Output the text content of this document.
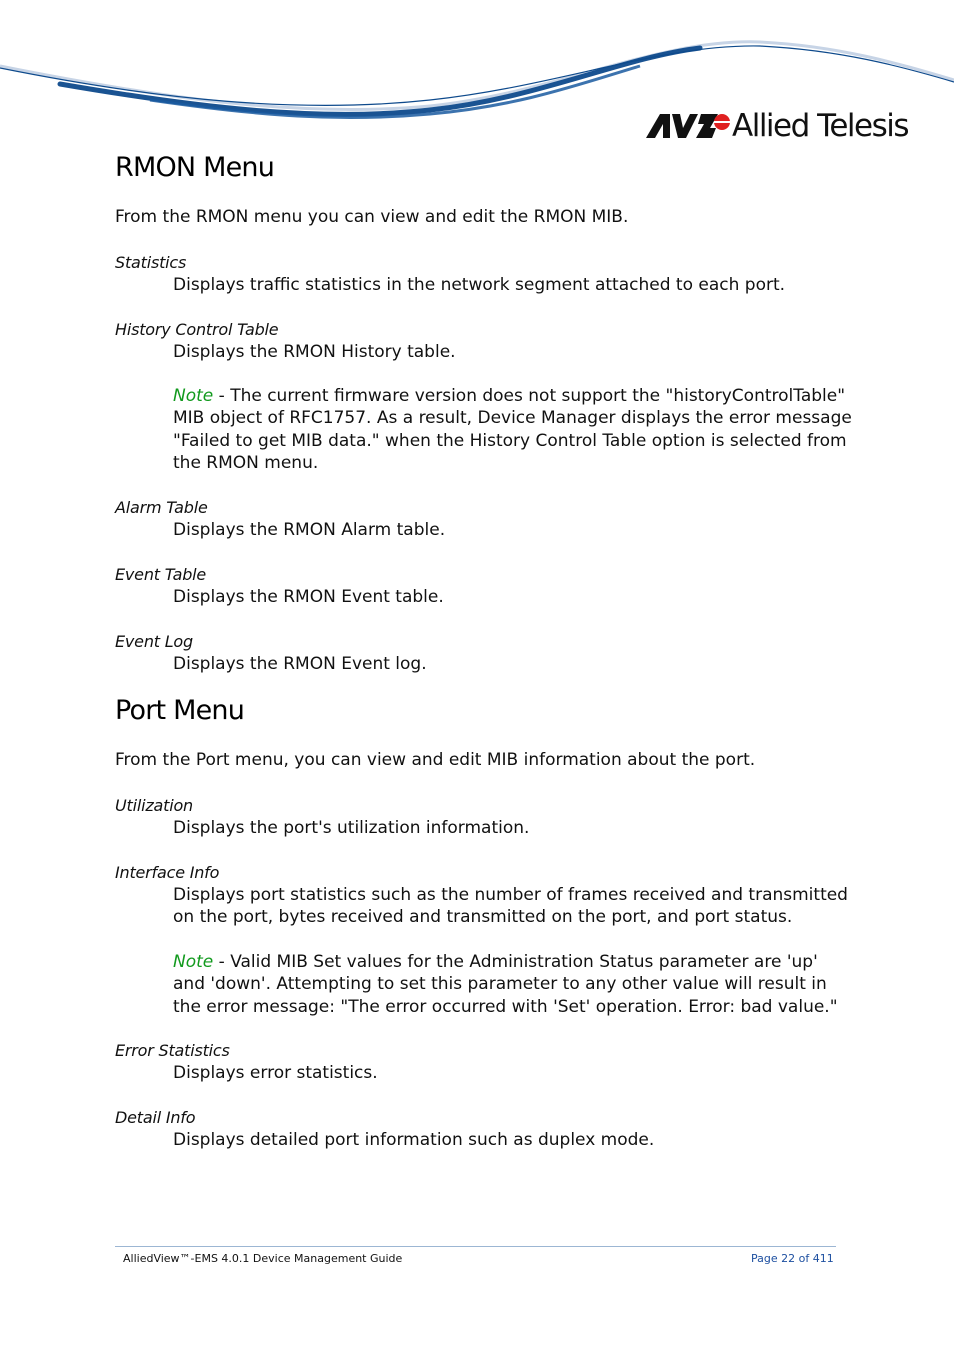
Allied Telesis
RMON Menu
From the RMON menu you can view and edit the RMON MIB.
Statistics
Displays traffic statistics in the network segment attached to each port.
History Control Table
Displays the RMON History table.
Note - The current firmware version does not support the "historyControlTable" MIB object of RFC1757. As a result, Device Manager displays the error message "Failed to get MIB data." when the History Control Table option is selected from the RMON menu.
Alarm Table
Displays the RMON Alarm table.
Event Table
Displays the RMON Event table.
Event Log
Displays the RMON Event log.
Port Menu
From the Port menu, you can view and edit MIB information about the port.
Utilization
Displays the port's utilization information.
Interface Info
Displays port statistics such as the number of frames received and transmitted on the port, bytes received and transmitted on the port, and port status.
Note - Valid MIB Set values for the Administration Status parameter are 'up' and 'down'. Attempting to set this parameter to any other value will result in the error message: "The error occurred with 'Set' operation. Error: bad value."
Error Statistics
Displays error statistics.
Detail Info
Displays detailed port information such as duplex mode.
AlliedView™-EMS 4.0.1 Device Management Guide	Page 22 of 411
